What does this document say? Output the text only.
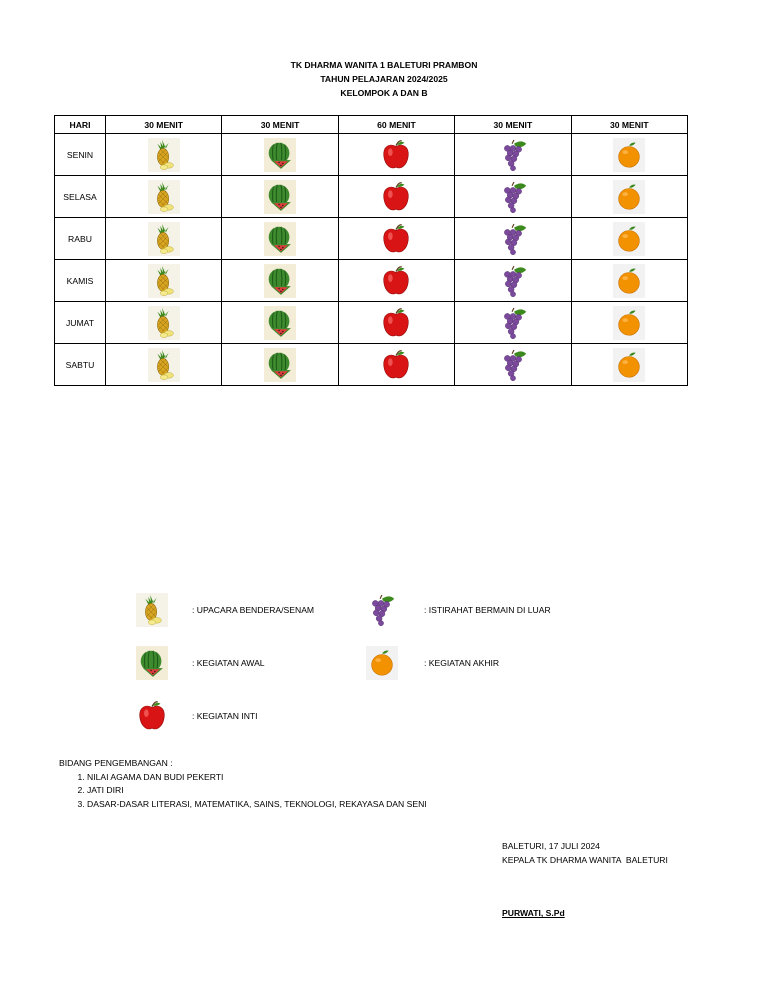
TK DHARMA WANITA 1 BALETURI PRAMBON
TAHUN PELAJARAN 2024/2025
KELOMPOK A DAN B
HARI	30 MENIT	30 MENIT	60 MENIT	30 MENIT	30 MENIT
SENIN	

SELASA	

RABU	

KAMIS	

JUMAT	

SABTU	

: UPACARA BENDERA/SENAM
: KEGIATAN AWAL
: KEGIATAN INTI
: ISTIRAHAT BERMAIN DI LUAR
: KEGIATAN AKHIR
BIDANG PENGEMBANGAN :
1. NILAI AGAMA DAN BUDI PEKERTI
2. JATI DIRI
3. DASAR-DASAR LITERASI, MATEMATIKA, SAINS, TEKNOLOGI, REKAYASA DAN SENI
BALETURI, 17 JULI 2024
KEPALA TK DHARMA WANITA  BALETURI
PURWATI, S.Pd
